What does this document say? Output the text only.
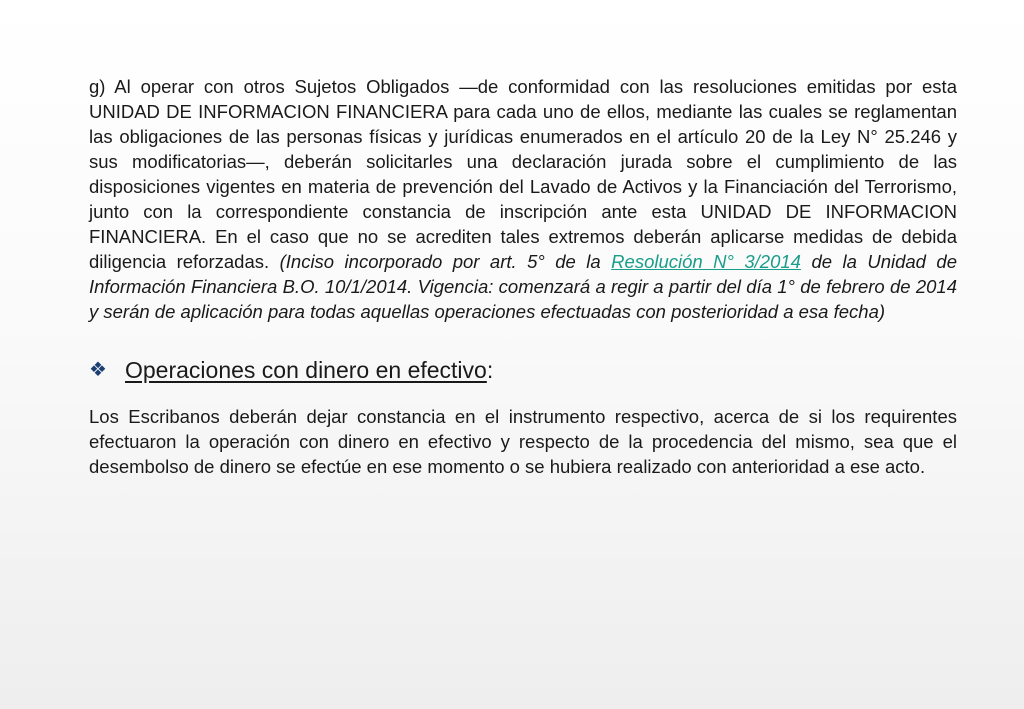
g) Al operar con otros Sujetos Obligados —de conformidad con las resoluciones emitidas por esta UNIDAD DE INFORMACION FINANCIERA para cada uno de ellos, mediante las cuales se reglamentan las obligaciones de las personas físicas y jurídicas enumerados en el artículo 20 de la Ley N° 25.246 y sus modificatorias—, deberán solicitarles una declaración jurada sobre el cumplimiento de las disposiciones vigentes en materia de prevención del Lavado de Activos y la Financiación del Terrorismo, junto con la correspondiente constancia de inscripción ante esta UNIDAD DE INFORMACION FINANCIERA. En el caso que no se acrediten tales extremos deberán aplicarse medidas de debida diligencia reforzadas. (Inciso incorporado por art. 5° de la Resolución N° 3/2014 de la Unidad de Información Financiera B.O. 10/1/2014. Vigencia: comenzará a regir a partir del día 1° de febrero de 2014 y serán de aplicación para todas aquellas operaciones efectuadas con posterioridad a esa fecha)

❖ Operaciones con dinero en efectivo:

Los Escribanos deberán dejar constancia en el instrumento respectivo, acerca de si los requirentes efectuaron la operación con dinero en efectivo y respecto de la procedencia del mismo, sea que el desembolso de dinero se efectúe en ese momento o se hubiera realizado con anterioridad a ese acto.
